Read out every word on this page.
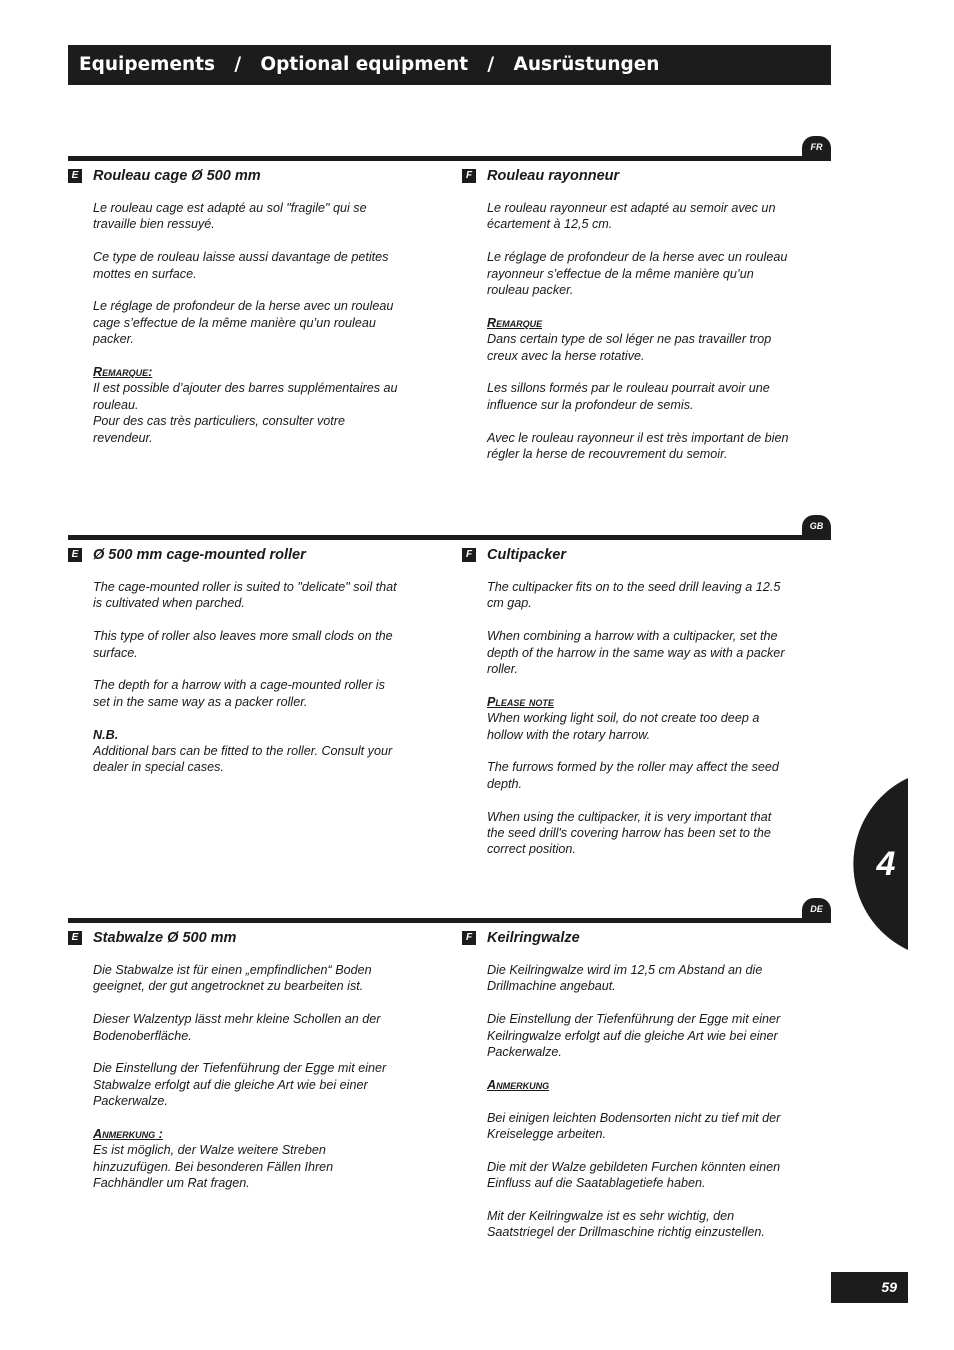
Equipements   /   Optional equipment   /   Ausrüstungen
FR
E Rouleau cage Ø 500 mm

Le rouleau cage est adapté au sol "fragile" qui se travaille bien ressuyé.

Ce type de rouleau laisse aussi davantage de petites mottes en surface.

Le réglage de profondeur de la herse avec un rouleau cage s’effectue de la même manière qu’un rouleau packer.

Remarque:
Il est possible d’ajouter des barres supplémentaires au rouleau.
Pour des cas très particuliers, consulter votre revendeur.
F Rouleau rayonneur

Le rouleau rayonneur est adapté au semoir avec un écartement à 12,5 cm.

Le réglage de profondeur de la herse avec un rouleau rayonneur s’effectue de la même manière qu’un rouleau packer.

Remarque

Dans certain type de sol léger ne pas travailler trop creux avec la herse rotative.

Les sillons formés par le rouleau pourrait avoir une influence sur la profondeur de semis.

Avec le rouleau rayonneur il est très important de bien régler la herse de recouvrement du semoir.

GB
E Ø 500 mm cage-mounted roller

The cage-mounted roller is suited to "delicate" soil that is cultivated when parched.

This type of roller also leaves more small clods on the surface.

The depth for a harrow with a cage-mounted roller is set in the same way as a packer roller.

N.B.
Additional bars can be fitted to the roller. Consult your dealer in special cases.
F Cultipacker

The cultipacker fits on to the seed drill leaving a 12.5 cm gap.

When combining a harrow with a cultipacker, set the depth of the harrow in the same way as with a packer roller.

Please note

When working light soil, do not create too deep a hollow with the rotary harrow.

The furrows formed by the roller may affect the seed depth.

When using the cultipacker, it is very important that the seed drill's covering harrow has been set to the correct position.

DE
E Stabwalze Ø 500 mm

Die Stabwalze ist für einen „empfindlichen“ Boden geeignet, der gut angetrocknet zu bearbeiten ist.

Dieser Walzentyp lässt mehr kleine Schollen an der Bodenoberfläche.

Die Einstellung der Tiefenführung der Egge mit einer Stabwalze erfolgt auf die gleiche Art wie bei einer Packerwalze.

Anmerkung :
Es ist möglich, der Walze weitere Streben hinzuzufügen. Bei besonderen Fällen Ihren Fachhändler um Rat fragen.
F Keilringwalze

Die Keilringwalze wird im 12,5 cm Abstand an die Drillmachine angebaut.

Die Einstellung der Tiefenführung der Egge mit einer Keilringwalze erfolgt auf die gleiche Art wie bei einer Packerwalze.

Anmerkung

Bei einigen leichten Bodensorten nicht zu tief mit der Kreiselegge arbeiten.

Die mit der Walze gebildeten Furchen könnten einen Einfluss auf die Saatablagetiefe haben.

Mit der Keilringwalze ist es sehr wichtig, den Saatstriegel der Drillmaschine richtig einzustellen.

4
59
